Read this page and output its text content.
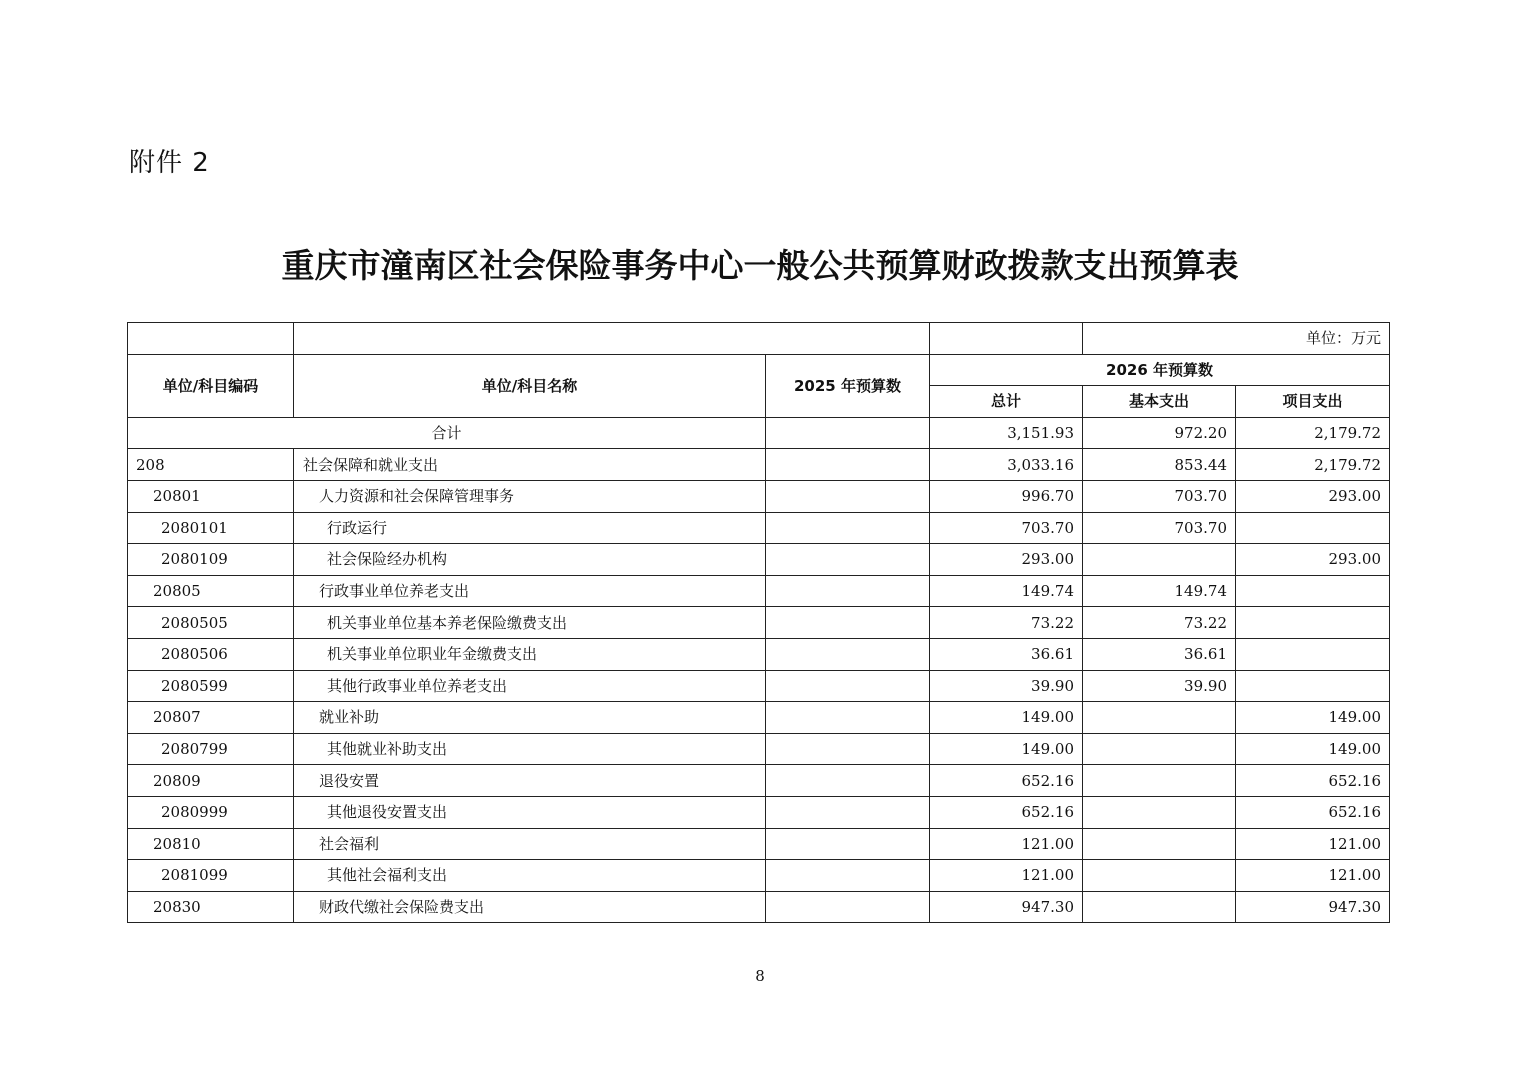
附件 2
重庆市潼南区社会保险事务中心一般公共预算财政拨款支出预算表
				单位：万元	
单位/科目编码	单位/科目名称	2025 年预算数	2026 年预算数		
			总计	基本支出	项目支出
合计			3,151.93	972.20	2,179.72
208	社会保障和就业支出		3,033.16	853.44	2,179.72
20801	人力资源和社会保障管理事务		996.70	703.70	293.00
2080101	行政运行		703.70	703.70	
2080109	社会保险经办机构		293.00		293.00
20805	行政事业单位养老支出		149.74	149.74	
2080505	机关事业单位基本养老保险缴费支出		73.22	73.22	
2080506	机关事业单位职业年金缴费支出		36.61	36.61	
2080599	其他行政事业单位养老支出		39.90	39.90	
20807	就业补助		149.00		149.00
2080799	其他就业补助支出		149.00		149.00
20809	退役安置		652.16		652.16
2080999	其他退役安置支出		652.16		652.16
20810	社会福利		121.00		121.00
2081099	其他社会福利支出		121.00		121.00
20830	财政代缴社会保险费支出		947.30		947.30
8
